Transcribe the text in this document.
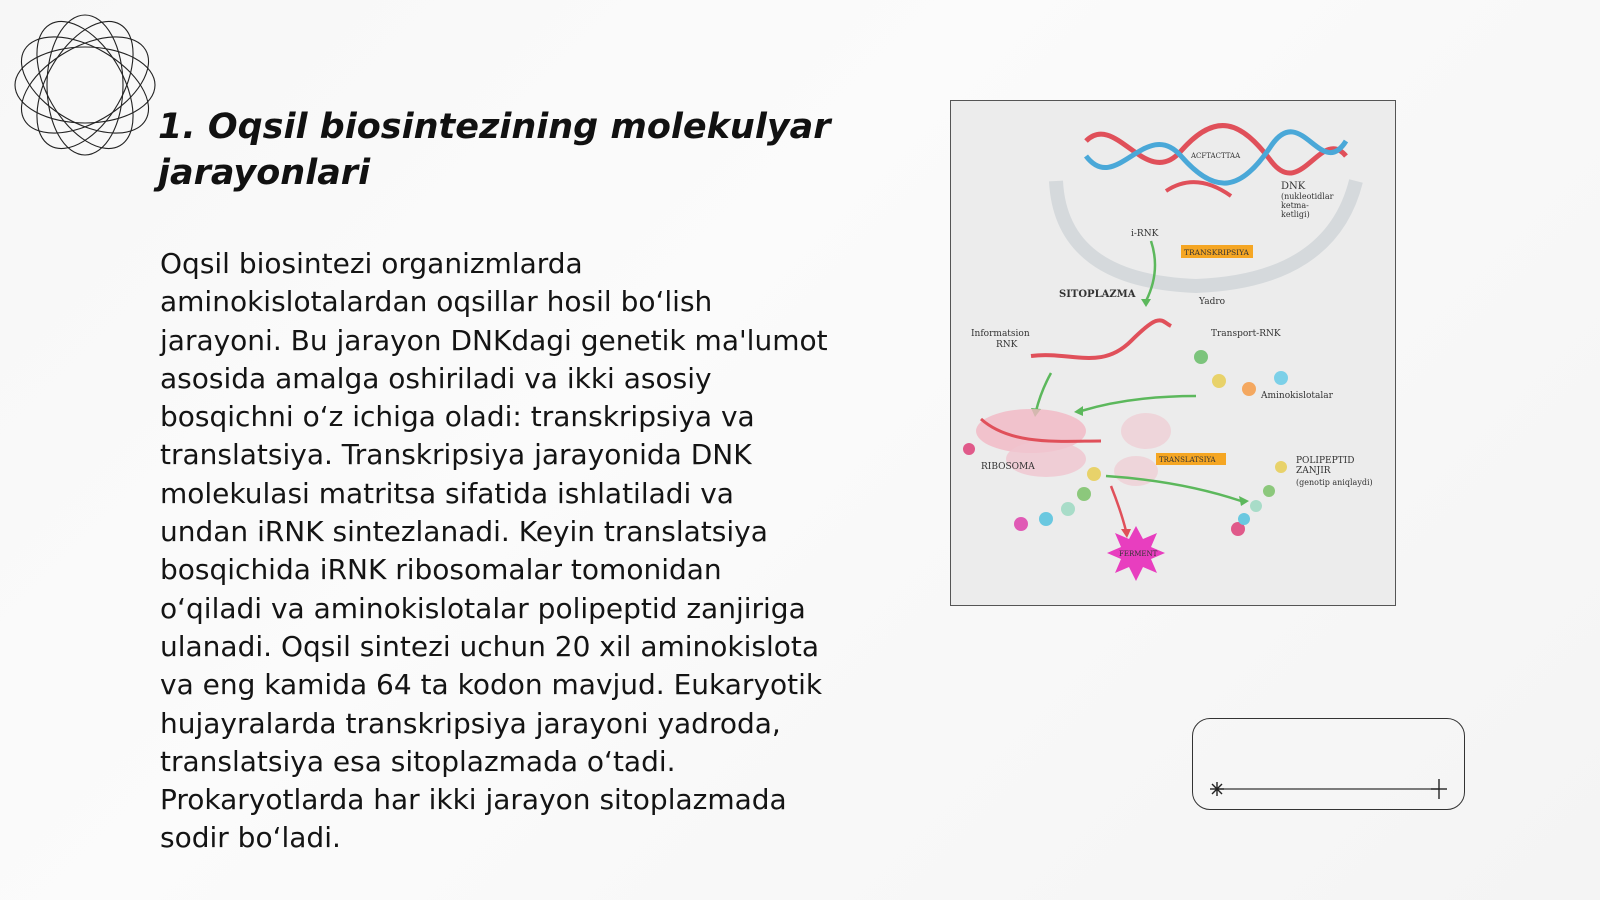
1. Oqsil biosintezining molekulyar jarayonlari

Oqsil biosintezi organizmlarda aminokislotalardan oqsillar hosil bo‘lish jarayoni. Bu jarayon DNKdagi genetik ma'lumot asosida amalga oshiriladi va ikki asosiy bosqichni o‘z ichiga oladi: transkripsiya va translatsiya. Transkripsiya jarayonida DNK molekulasi matritsa sifatida ishlatiladi va undan iRNK sintezlanadi. Keyin translatsiya bosqichida iRNK ribosomalar tomonidan o‘qiladi va aminokislotalar polipeptid zanjiriga ulanadi. Oqsil sintezi uchun 20 xil aminokislota va eng kamida 64 ta kodon mavjud. Eukaryotik hujayralarda transkripsiya jarayoni yadroda, translatsiya esa sitoplazmada o‘tadi. Prokaryotlarda har ikki jarayon sitoplazmada sodir bo‘ladi.

ACFTACTTAA
DNK
(nukleotidlar
ketma-
ketligi)
i-RNK
TRANSKRIPSIYA
SITOPLAZMA
Yadro
Informatsion
RNK
Transport-RNK
Aminokislotalar
RIBOSOMA
TRANSLATSIYA	POLIPEPTID
ZANJIR
(genotip aniqlaydi)
FERMENT
